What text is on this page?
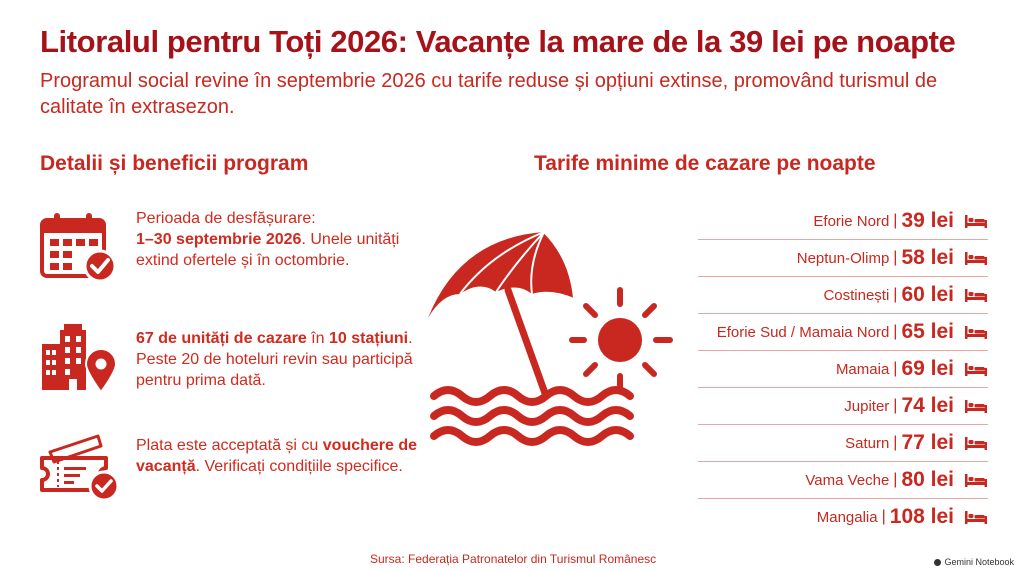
Litoralul pentru Toți 2026: Vacanțe la mare de la 39 lei pe noapte
Programul social revine în septembrie 2026 cu tarife reduse și opțiuni extinse, promovând turismul de calitate în extrasezon.
Detalii și beneficii program	Tarife minime de cazare pe noapte
Perioada de desfășurare:
1–30 septembrie 2026. Unele unități extind ofertele și în octombrie.
67 de unități de cazare în 10 stațiuni. Peste 20 de hoteluri revin sau participă pentru prima dată.
Plata este acceptată și cu vouchere de vacanță. Verificați condițiile specifice.
Eforie Nord | 39 lei
Neptun-Olimp | 58 lei
Costinești | 60 lei
Eforie Sud / Mamaia Nord | 65 lei
Mamaia | 69 lei
Jupiter | 74 lei
Saturn | 77 lei
Vama Veche | 80 lei
Mangalia | 108 lei
Sursa: Federația Patronatelor din Turismul Românesc	Gemini Notebook
